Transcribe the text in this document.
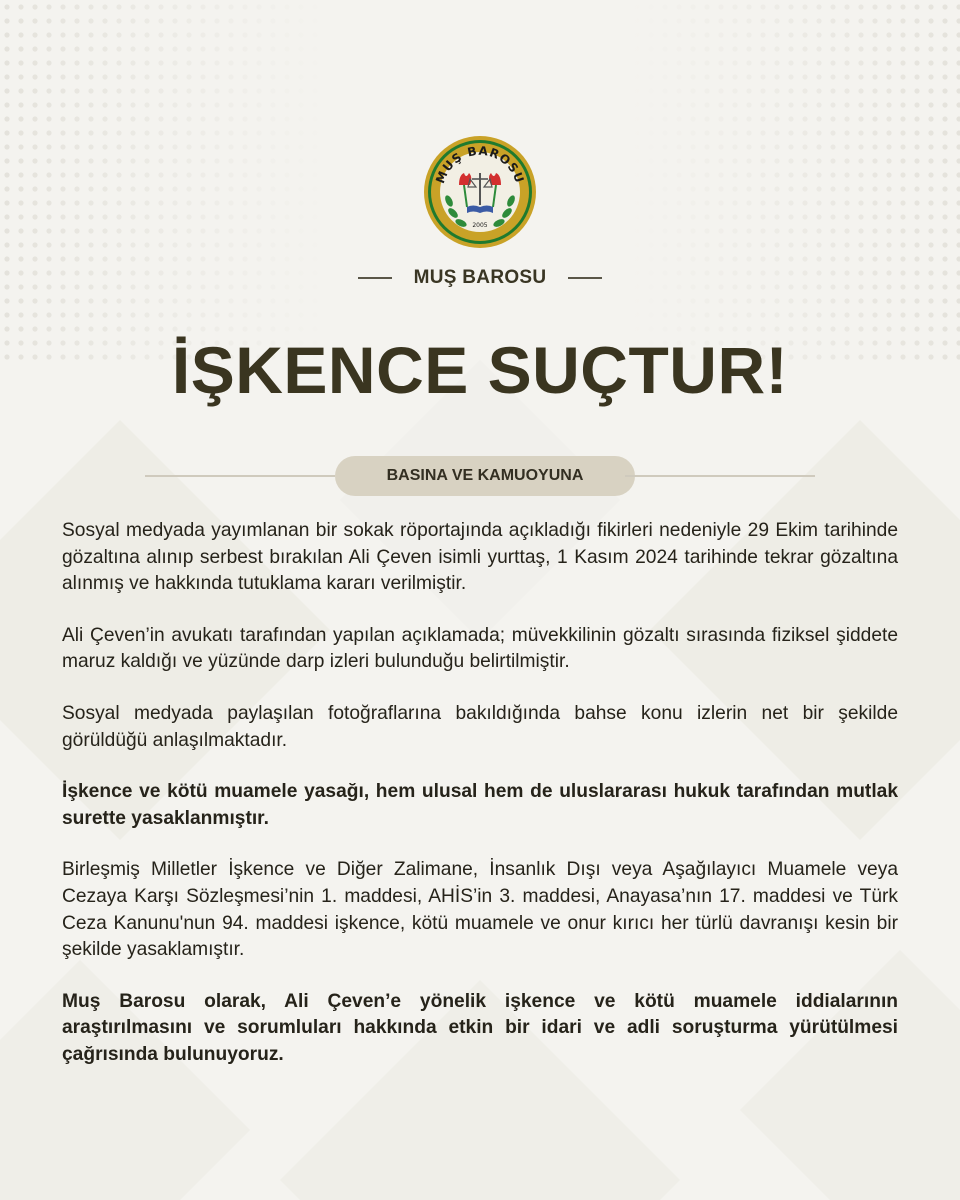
MUŞ BAROSU
2005
MUŞ BAROSU
İŞKENCE SUÇTUR!
BASINA VE KAMUOYUNA

Sosyal medyada yayımlanan bir sokak röportajında açıkladığı fikirleri nedeniyle 29 Ekim tarihinde gözaltına alınıp serbest bırakılan Ali Çeven isimli yurttaş, 1 Kasım 2024 tarihinde tekrar gözaltına alınmış ve hakkında tutuklama kararı verilmiştir.

Ali Çeven’in avukatı tarafından yapılan açıklamada; müvekkilinin gözaltı sırasında fiziksel şiddete maruz kaldığı ve yüzünde darp izleri bulunduğu belirtilmiştir.

Sosyal medyada paylaşılan fotoğraflarına bakıldığında bahse konu izlerin net bir şekilde görüldüğü anlaşılmaktadır.

İşkence ve kötü muamele yasağı, hem ulusal hem de uluslararası hukuk tarafından mutlak surette yasaklanmıştır.

Birleşmiş Milletler İşkence ve Diğer Zalimane, İnsanlık Dışı veya Aşağılayıcı Muamele veya Cezaya Karşı Sözleşmesi’nin 1. maddesi, AHİS’in 3. maddesi, Anayasa’nın 17. maddesi ve Türk Ceza Kanunu'nun 94. maddesi işkence, kötü muamele ve onur kırıcı her türlü davranışı kesin bir şekilde yasaklamıştır.

Muş Barosu olarak, Ali Çeven’e yönelik işkence ve kötü muamele iddialarının araştırılmasını ve sorumluları hakkında etkin bir idari ve adli soruşturma yürütülmesi çağrısında bulunuyoruz.
